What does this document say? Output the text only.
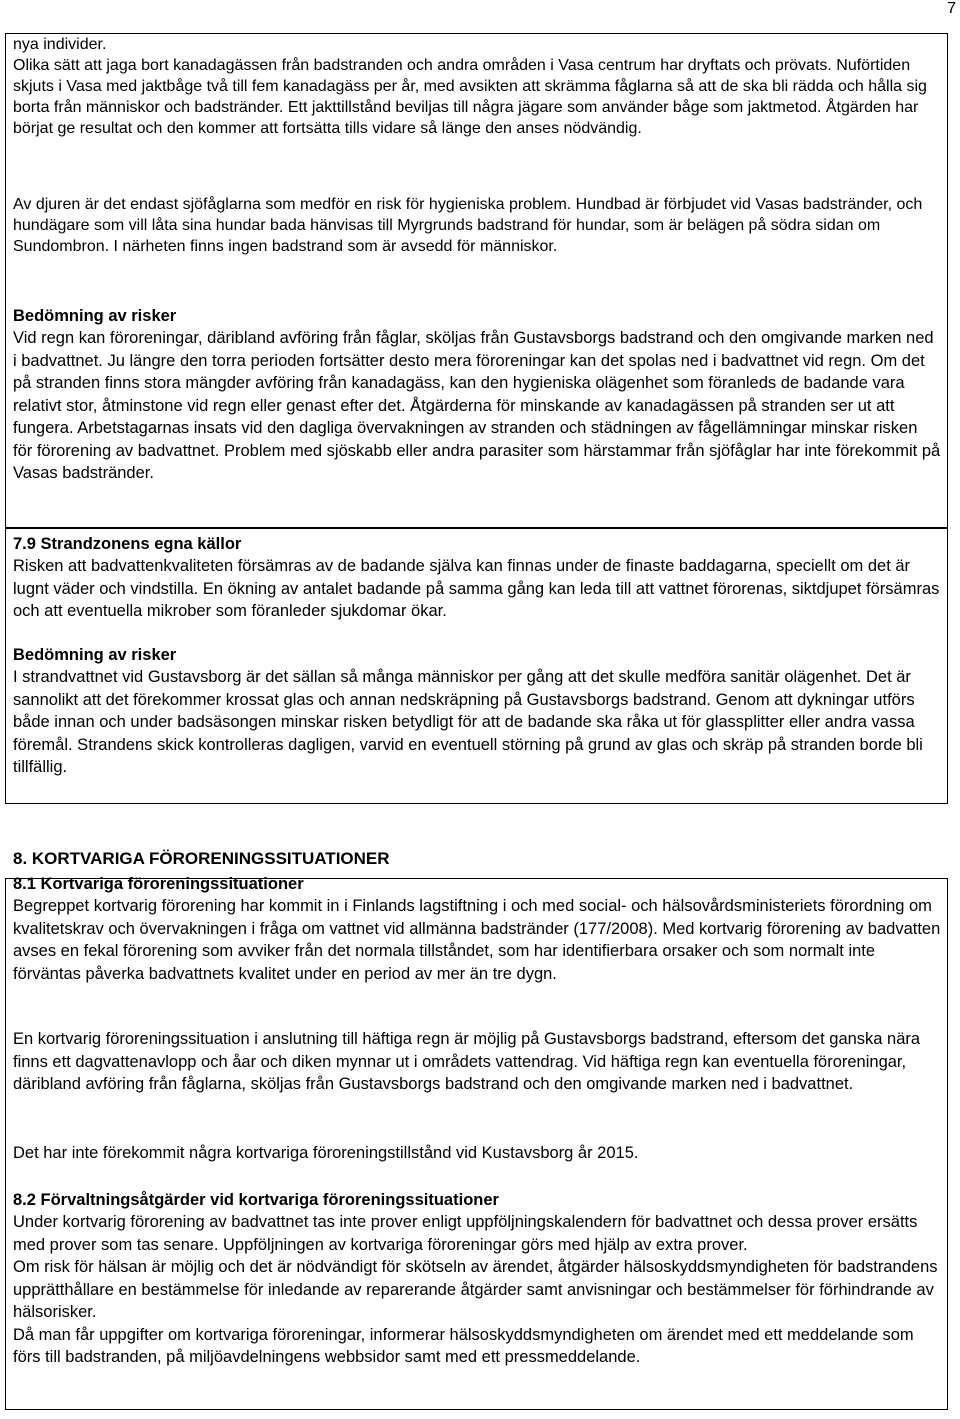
7
nya individer.
Olika sätt att jaga bort kanadagässen från badstranden och andra områden i Vasa centrum har dryftats och prövats. Nuförtiden skjuts i Vasa med jaktbåge två till fem kanadagäss per år, med avsikten att skrämma fåglarna så att de ska bli rädda och hålla sig borta från människor och badstränder. Ett jakttillstånd beviljas till några jägare som använder båge som jaktmetod. Åtgärden har börjat ge resultat och den kommer att fortsätta tills vidare så länge den anses nödvändig.
Av djuren är det endast sjöfåglarna som medför en risk för hygieniska problem. Hundbad är förbjudet vid Vasas badstränder, och hundägare som vill låta sina hundar bada hänvisas till Myrgrunds badstrand för hundar, som är belägen på södra sidan om Sundombron. I närheten finns ingen badstrand som är avsedd för människor.
Bedömning av risker
Vid regn kan föroreningar, däribland avföring från fåglar, sköljas från Gustavsborgs badstrand och den omgivande marken ned i badvattnet. Ju längre den torra perioden fortsätter desto mera föroreningar kan det spolas ned i badvattnet vid regn. Om det på stranden finns stora mängder avföring från kanadagäss, kan den hygieniska olägenhet som föranleds de badande vara relativt stor, åtminstone vid regn eller genast efter det. Åtgärderna för minskande av kanadagässen på stranden ser ut att fungera. Arbetstagarnas insats vid den dagliga övervakningen av stranden och städningen av fågellämningar minskar risken för förorening av badvattnet. Problem med sjöskabb eller andra parasiter som härstammar från sjöfåglar har inte förekommit på Vasas badstränder.
7.9 Strandzonens egna källor
Risken att badvattenkvaliteten försämras av de badande själva kan finnas under de finaste baddagarna, speciellt om det är lugnt väder och vindstilla. En ökning av antalet badande på samma gång kan leda till att vattnet förorenas, siktdjupet försämras och att eventuella mikrober som föranleder sjukdomar ökar.
Bedömning av risker
I strandvattnet vid Gustavsborg är det sällan så många människor per gång att det skulle medföra sanitär olägenhet. Det är sannolikt att det förekommer krossat glas och annan nedskräpning på Gustavsborgs badstrand. Genom att dykningar utförs både innan och under badsäsongen minskar risken betydligt för att de badande ska råka ut för glassplitter eller andra vassa föremål. Strandens skick kontrolleras dagligen, varvid en eventuell störning på grund av glas och skräp på stranden borde bli tillfällig.
8. KORTVARIGA FÖRORENINGSSITUATIONER
8.1 Kortvariga föroreningssituationer
Begreppet kortvarig förorening har kommit in i Finlands lagstiftning i och med social- och hälsovårdsministeriets förordning om kvalitetskrav och övervakningen i fråga om vattnet vid allmänna badstränder (177/2008). Med kortvarig förorening av badvatten avses en fekal förorening som avviker från det normala tillståndet, som har identifierbara orsaker och som normalt inte förväntas påverka badvattnets kvalitet under en period av mer än tre dygn.
En kortvarig föroreningssituation i anslutning till häftiga regn är möjlig på Gustavsborgs badstrand, eftersom det ganska nära finns ett dagvattenavlopp och åar och diken mynnar ut i områdets vattendrag. Vid häftiga regn kan eventuella föroreningar, däribland avföring från fåglarna, sköljas från Gustavsborgs badstrand och den omgivande marken ned i badvattnet.
Det har inte förekommit några kortvariga föroreningstillstånd vid Kustavsborg år 2015.
8.2 Förvaltningsåtgärder vid kortvariga föroreningssituationer
Under kortvarig förorening av badvattnet tas inte prover enligt uppföljningskalendern för badvattnet och dessa prover ersätts med prover som tas senare. Uppföljningen av kortvariga föroreningar görs med hjälp av extra prover.
Om risk för hälsan är möjlig och det är nödvändigt för skötseln av ärendet, åtgärder hälsoskyddsmyndigheten för badstrandens upprätthållare en bestämmelse för inledande av reparerande åtgärder samt anvisningar och bestämmelser för förhindrande av hälsorisker.
Då man får uppgifter om kortvariga föroreningar, informerar hälsoskyddsmyndigheten om ärendet med ett meddelande som förs till badstranden, på miljöavdelningens webbsidor samt med ett pressmeddelande.
